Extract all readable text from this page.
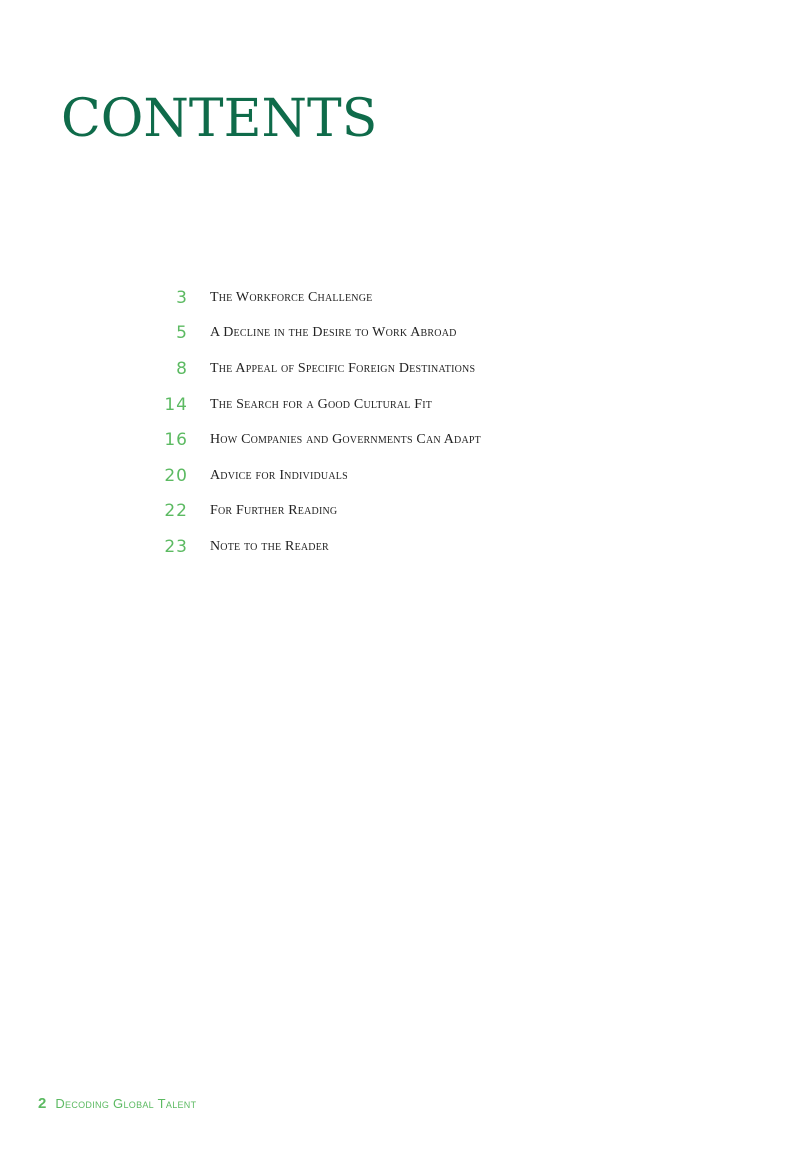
CONTENTS
3 The Workforce Challenge
5 A Decline in the Desire to Work Abroad
8 The Appeal of Specific Foreign Destinations
14 The Search for a Good Cultural Fit
16 How Companies and Governments Can Adapt
20 Advice for Individuals
22 For Further Reading
23 Note to the Reader
2 Decoding Global Talent
